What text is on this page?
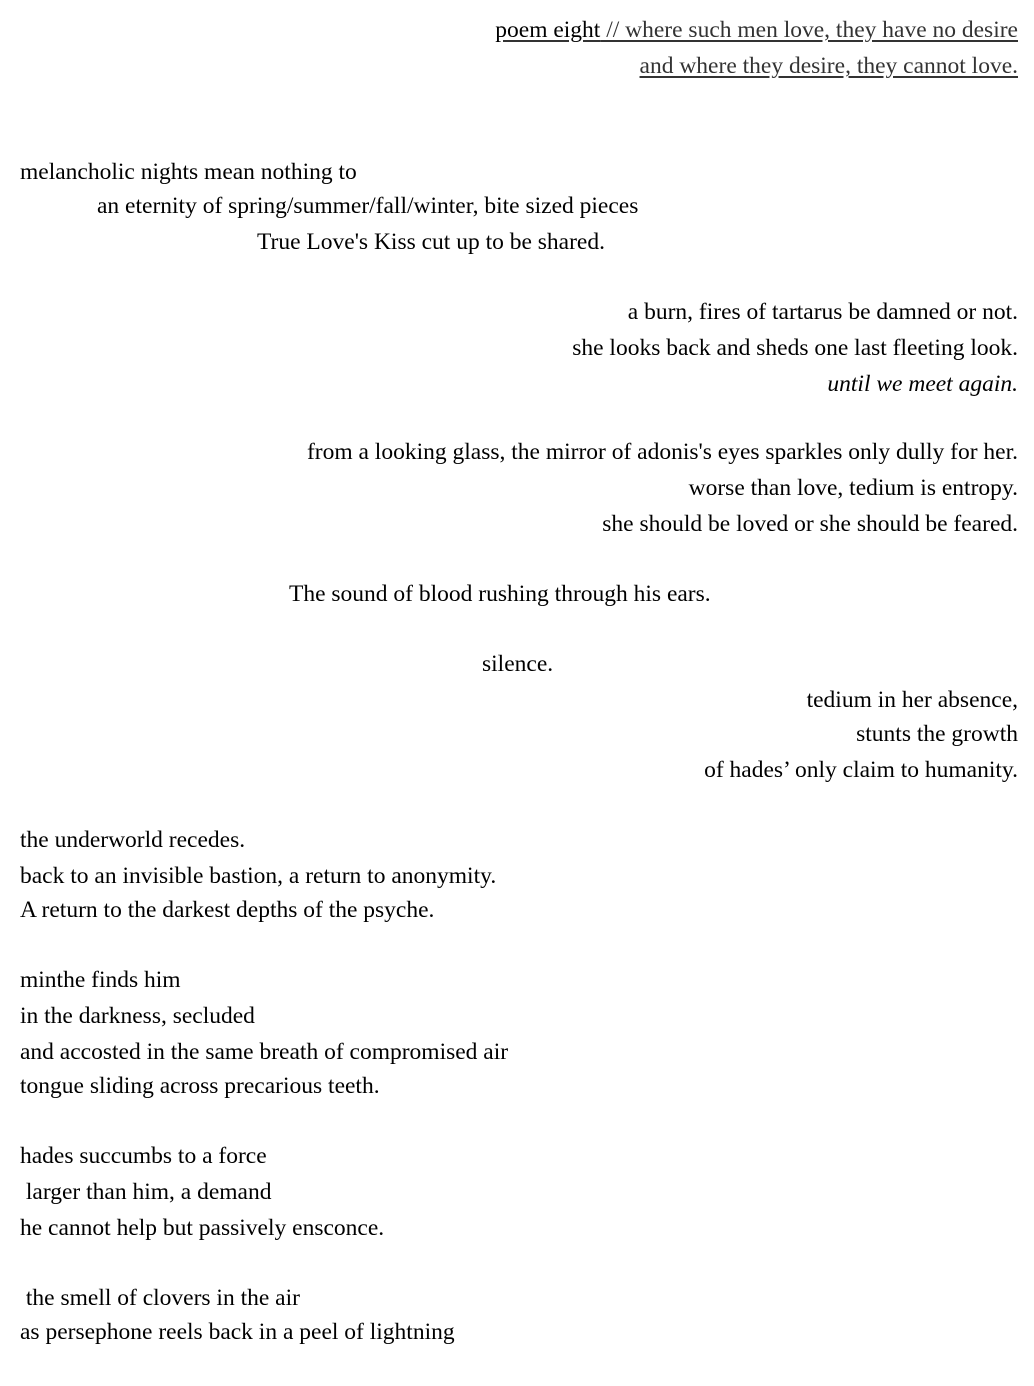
poem eight // where such men love, they have no desire
and where they desire, they cannot love.
melancholic nights mean nothing to
an eternity of spring/summer/fall/winter, bite sized pieces
True Love's Kiss cut up to be shared.
a burn, fires of tartarus be damned or not.
she looks back and sheds one last fleeting look.
until we meet again.
from a looking glass, the mirror of adonis's eyes sparkles only dully for her.
worse than love, tedium is entropy.
she should be loved or she should be feared.
The sound of blood rushing through his ears.
silence.
tedium in her absence,
stunts the growth
of hades’ only claim to humanity.
the underworld recedes.
back to an invisible bastion, a return to anonymity.
A return to the darkest depths of the psyche.
minthe finds him
in the darkness, secluded
and accosted in the same breath of compromised air
tongue sliding across precarious teeth.
hades succumbs to a force
larger than him, a demand
he cannot help but passively ensconce.
the smell of clovers in the air
as persephone reels back in a peel of lightning
